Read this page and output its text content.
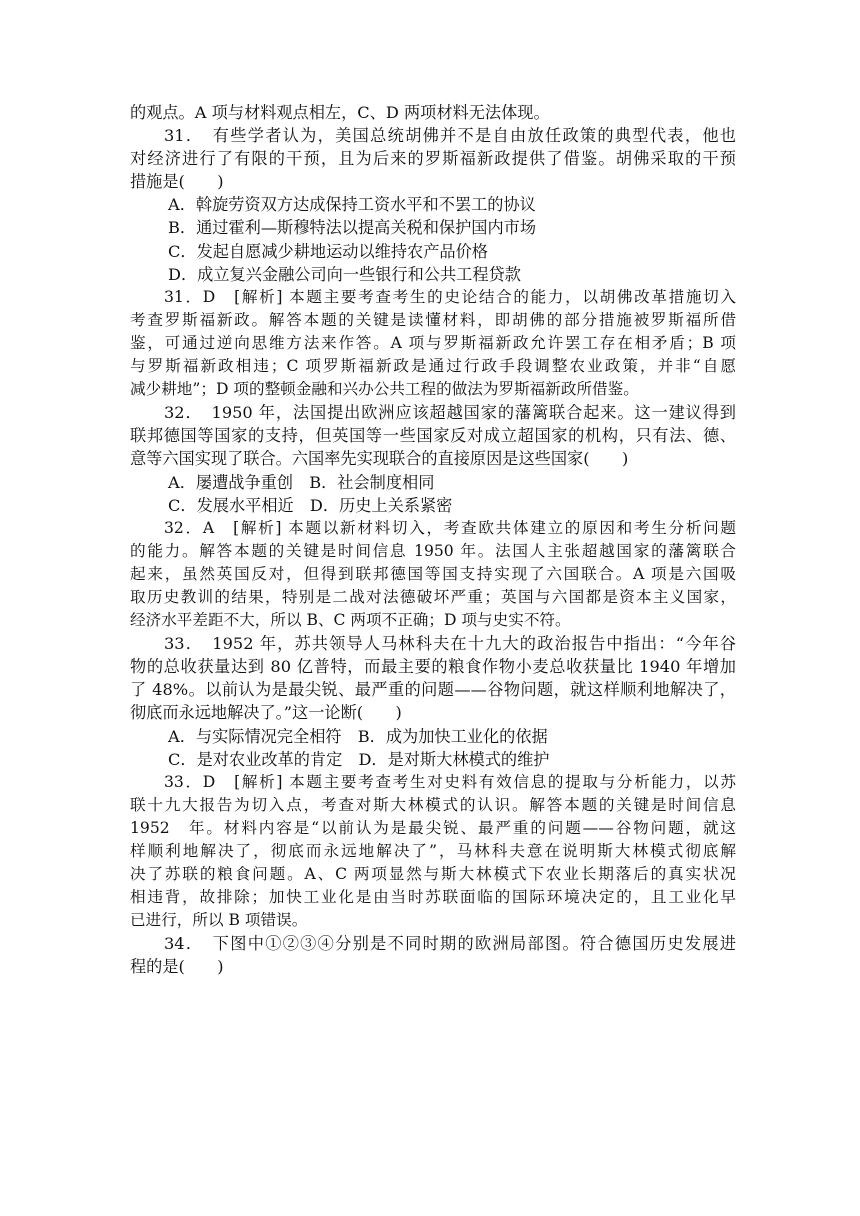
的观点。A 项与材料观点相左，C、D 两项材料无法体现。
31．　有些学者认为，美国总统胡佛并不是自由放任政策的典型代表，他也
对经济进行了有限的干预，且为后来的罗斯福新政提供了借鉴。胡佛采取的干预
措施是(　　)
A．斡旋劳资双方达成保持工资水平和不罢工的协议
B．通过霍利—斯穆特法以提高关税和保护国内市场
C．发起自愿减少耕地运动以维持农产品价格
D．成立复兴金融公司向一些银行和公共工程贷款
31．D　[解析] 本题主要考查考生的史论结合的能力，以胡佛改革措施切入
考查罗斯福新政。解答本题的关键是读懂材料，即胡佛的部分措施被罗斯福所借
鉴，可通过逆向思维方法来作答。A 项与罗斯福新政允许罢工存在相矛盾；B 项
与罗斯福新政相违；C 项罗斯福新政是通过行政手段调整农业政策，并非“自愿
减少耕地”；D 项的整顿金融和兴办公共工程的做法为罗斯福新政所借鉴。
32．　1950 年，法国提出欧洲应该超越国家的藩篱联合起来。这一建议得到
联邦德国等国家的支持，但英国等一些国家反对成立超国家的机构，只有法、德、
意等六国实现了联合。六国率先实现联合的直接原因是这些国家(　　)
A．屡遭战争重创　B．社会制度相同
C．发展水平相近　D．历史上关系紧密
32．A　[解析] 本题以新材料切入，考查欧共体建立的原因和考生分析问题
的能力。解答本题的关键是时间信息 1950 年。法国人主张超越国家的藩篱联合
起来，虽然英国反对，但得到联邦德国等国支持实现了六国联合。A 项是六国吸
取历史教训的结果，特别是二战对法德破坏严重；英国与六国都是资本主义国家，
经济水平差距不大，所以 B、C 两项不正确；D 项与史实不符。
33．　1952 年，苏共领导人马林科夫在十九大的政治报告中指出：“今年谷
物的总收获量达到 80 亿普特，而最主要的粮食作物小麦总收获量比 1940 年增加
了 48%。以前认为是最尖锐、最严重的问题——谷物问题，就这样顺利地解决了，
彻底而永远地解决了。”这一论断(　　)
A．与实际情况完全相符　B．成为加快工业化的依据
C．是对农业改革的肯定　D．是对斯大林模式的维护
33．D　[解析] 本题主要考查考生对史料有效信息的提取与分析能力，以苏
联十九大报告为切入点，考查对斯大林模式的认识。解答本题的关键是时间信息
1952　年。材料内容是“以前认为是最尖锐、最严重的问题——谷物问题，就这
样顺利地解决了，彻底而永远地解决了”，马林科夫意在说明斯大林模式彻底解
决了苏联的粮食问题。A、C 两项显然与斯大林模式下农业长期落后的真实状况
相违背，故排除；加快工业化是由当时苏联面临的国际环境决定的，且工业化早
已进行，所以 B 项错误。
34．　下图中①②③④分别是不同时期的欧洲局部图。符合德国历史发展进
程的是(　　)
